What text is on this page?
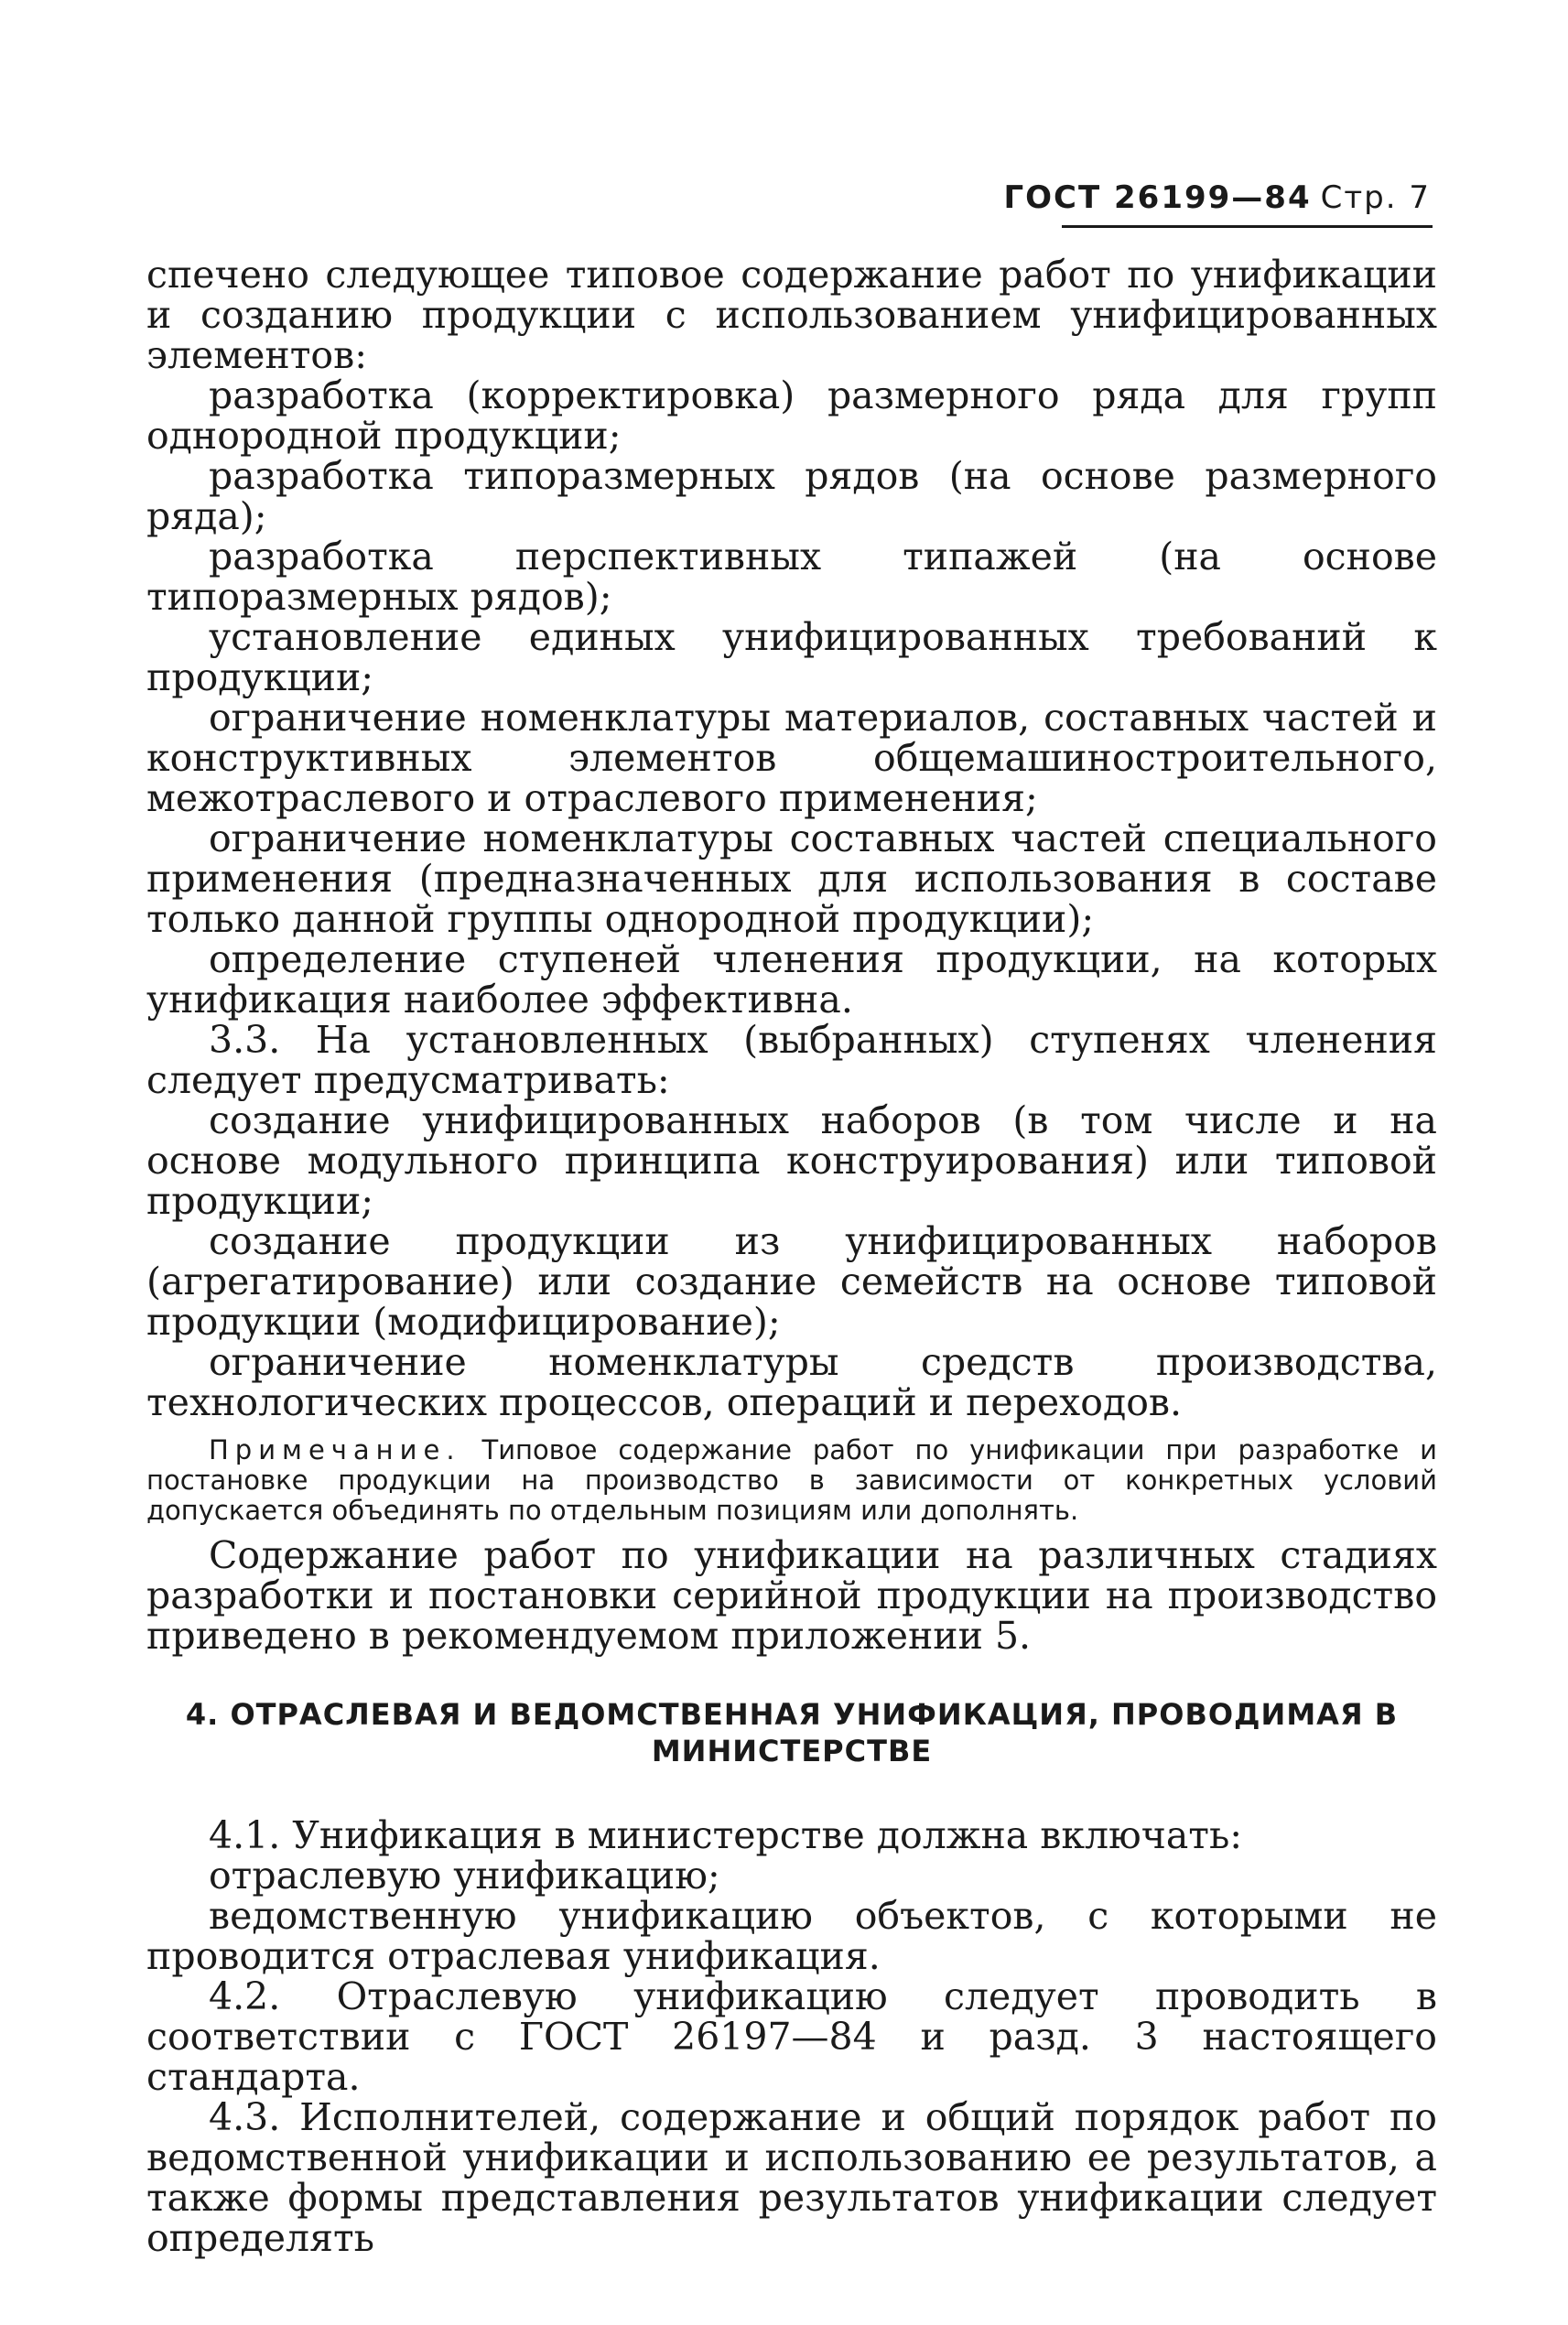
ГОСТ 26199—84 Стр. 7

спечено следующее типовое содержание работ по унификации и созданию продукции с использованием унифицированных элементов:

разработка (корректировка) размерного ряда для групп однородной продукции;

разработка типоразмерных рядов (на основе размерного ряда);

разработка перспективных типажей (на основе типоразмерных рядов);

установление единых унифицированных требований к продукции;

ограничение номенклатуры материалов, составных частей и конструктивных элементов общемашиностроительного, межотраслевого и отраслевого применения;

ограничение номенклатуры составных частей специального применения (предназначенных для использования в составе только данной группы однородной продукции);

определение ступеней членения продукции, на которых унификация наиболее эффективна.

3.3. На установленных (выбранных) ступенях членения следует предусматривать:

создание унифицированных наборов (в том числе и на основе модульного принципа конструирования) или типовой продукции;

создание продукции из унифицированных наборов (агрегатирование) или создание семейств на основе типовой продукции (модифицирование);

ограничение номенклатуры средств производства, технологических процессов, операций и переходов.

Примечание. Типовое содержание работ по унификации при разработке и постановке продукции на производство в зависимости от конкретных условий допускается объединять по отдельным позициям или дополнять.

Содержание работ по унификации на различных стадиях разработки и постановки серийной продукции на производство приведено в рекомендуемом приложении 5.

4. ОТРАСЛЕВАЯ И ВЕДОМСТВЕННАЯ УНИФИКАЦИЯ, ПРОВОДИМАЯ В МИНИСТЕРСТВЕ

4.1. Унификация в министерстве должна включать:

отраслевую унификацию;

ведомственную унификацию объектов, с которыми не проводится отраслевая унификация.

4.2. Отраслевую унификацию следует проводить в соответствии с ГОСТ 26197—84 и разд. 3 настоящего стандарта.

4.3. Исполнителей, содержание и общий порядок работ по ведомственной унификации и использованию ее результатов, а также формы представления результатов унификации следует определять
